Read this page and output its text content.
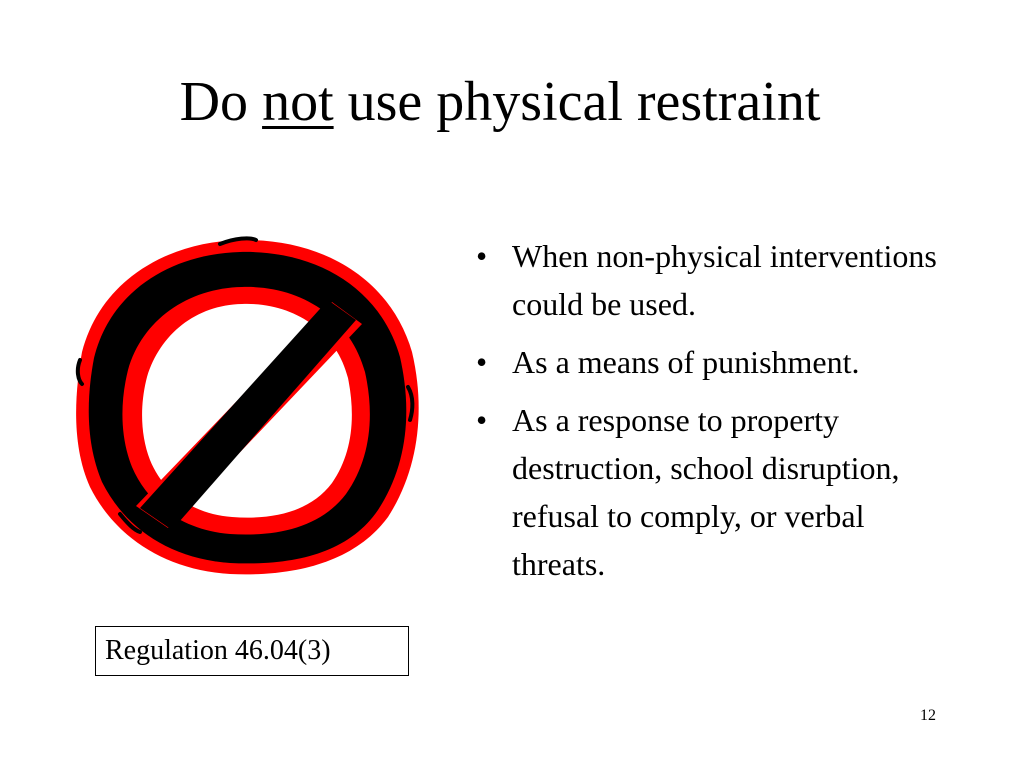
Do not use physical restraint
• When non-physical interventions could be used.
• As a means of punishment.
• As a response to property destruction, school disruption, refusal to comply, or verbal threats.
Regulation 46.04(3)
12
